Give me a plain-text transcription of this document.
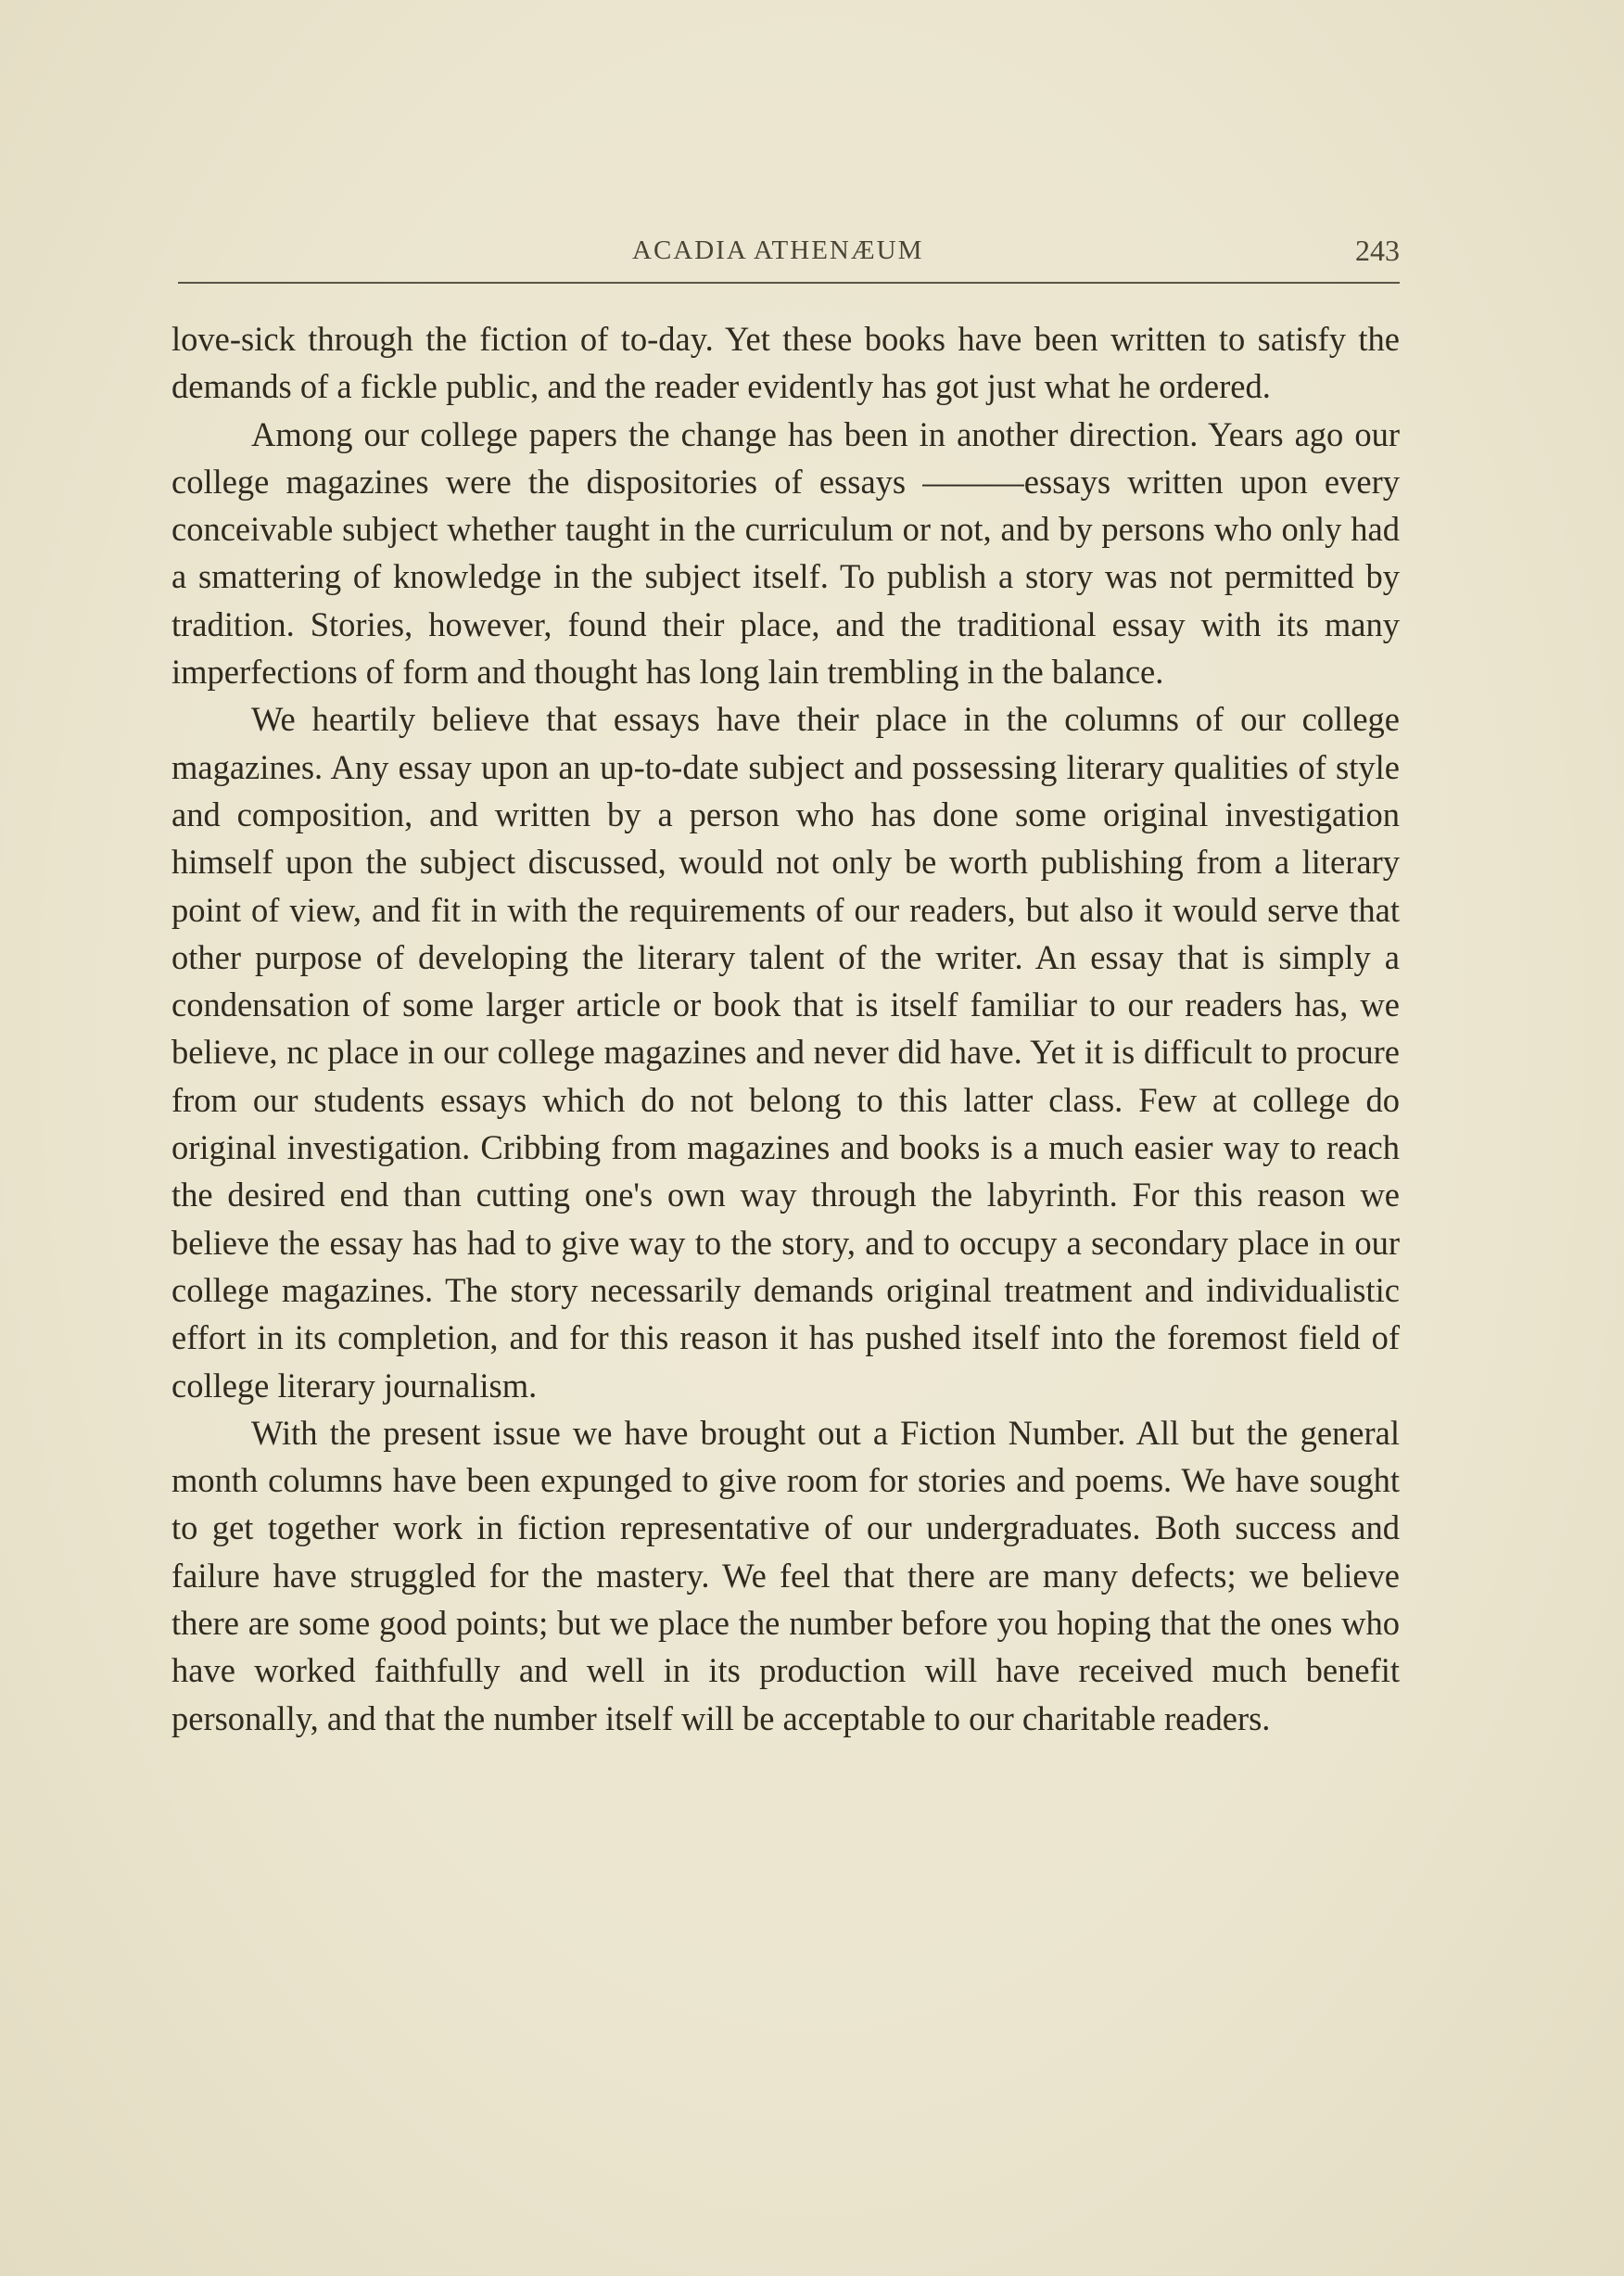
ACADIA ATHENÆUM	243

love-sick through the fiction of to-day. Yet these books have been written to satisfy the demands of a fickle public, and the reader evidently has got just what he ordered.

Among our college papers the change has been in another direction. Years ago our college magazines were the dispositories of essays ———essays written upon every conceivable subject whether taught in the curriculum or not, and by persons who only had a smattering of knowledge in the subject itself. To publish a story was not permitted by tradition. Stories, however, found their place, and the traditional essay with its many imperfections of form and thought has long lain trembling in the balance.

We heartily believe that essays have their place in the columns of our college magazines. Any essay upon an up-to-date subject and possessing literary qualities of style and composition, and written by a person who has done some original investigation himself upon the subject discussed, would not only be worth publishing from a literary point of view, and fit in with the requirements of our readers, but also it would serve that other purpose of developing the literary talent of the writer. An essay that is simply a condensation of some larger article or book that is itself familiar to our readers has, we believe, nc place in our college magazines and never did have. Yet it is difficult to procure from our students essays which do not belong to this latter class. Few at college do original investigation. Cribbing from magazines and books is a much easier way to reach the desired end than cutting one's own way through the labyrinth. For this reason we believe the essay has had to give way to the story, and to occupy a secondary place in our college magazines. The story necessarily demands original treatment and individualistic effort in its completion, and for this reason it has pushed itself into the foremost field of college literary journalism.

With the present issue we have brought out a Fiction Number. All but the general month columns have been expunged to give room for stories and poems. We have sought to get together work in fiction representative of our undergraduates. Both success and failure have struggled for the mastery. We feel that there are many defects; we believe there are some good points; but we place the number before you hoping that the ones who have worked faithfully and well in its production will have received much benefit personally, and that the number itself will be acceptable to our charitable readers.
